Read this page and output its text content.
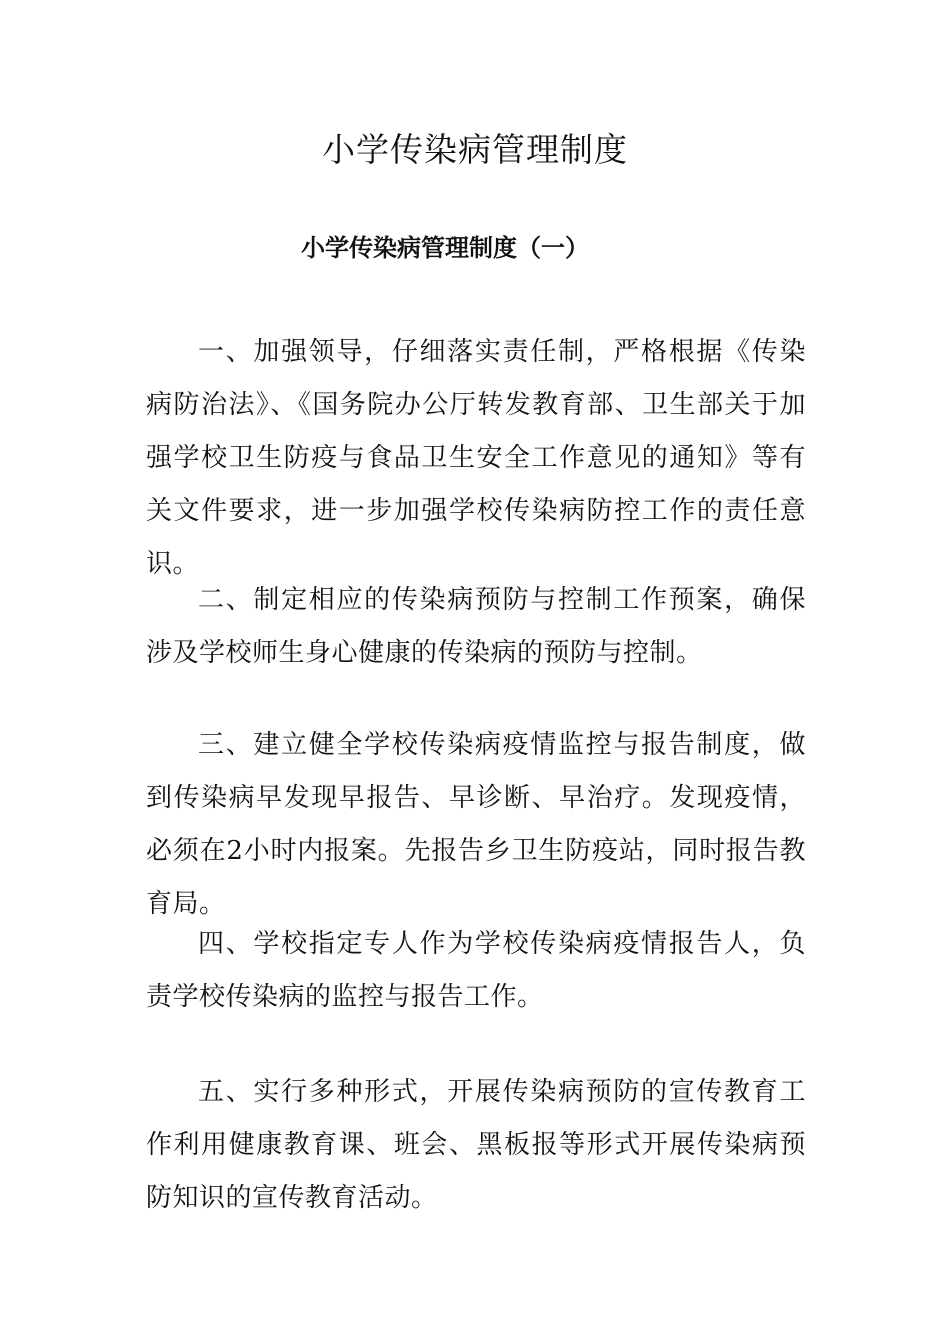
小学传染病管理制度
小学传染病管理制度（一）

一、加强领导，仔细落实责任制，严格根据《传染病防治法》、《国务院办公厅转发教育部、卫生部关于加强学校卫生防疫与食品卫生安全工作意见的通知》等有关文件要求，进一步加强学校传染病防控工作的责任意识。

二、制定相应的传染病预防与控制工作预案，确保涉及学校师生身心健康的传染病的预防与控制。

三、建立健全学校传染病疫情监控与报告制度，做到传染病早发现早报告、早诊断、早治疗。发现疫情，必须在2小时内报案。先报告乡卫生防疫站，同时报告教育局。

四、学校指定专人作为学校传染病疫情报告人，负责学校传染病的监控与报告工作。

五、实行多种形式，开展传染病预防的宣传教育工作利用健康教育课、班会、黑板报等形式开展传染病预防知识的宣传教育活动。
